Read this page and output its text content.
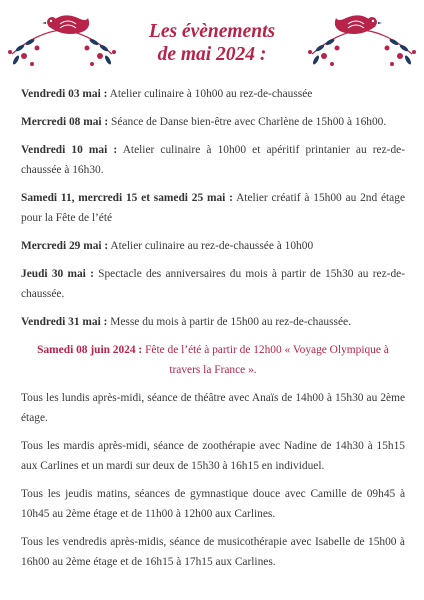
Les évènements
de mai 2024 :

Vendredi 03 mai : Atelier culinaire à 10h00 au rez-de-chaussée

Mercredi 08 mai : Séance de Danse bien-être avec Charlène de 15h00 à 16h00.

Vendredi 10 mai : Atelier culinaire à 10h00 et apéritif printanier au rez-de-chaussée à 16h30.

Samedi 11, mercredi 15 et samedi 25 mai : Atelier créatif à 15h00 au 2nd étage pour la Fête de l’été

Mercredi 29 mai : Atelier culinaire au rez-de-chaussée à 10h00

Jeudi 30 mai : Spectacle des anniversaires du mois à partir de 15h30 au rez-de-chaussée.

Vendredi 31 mai : Messe du mois à partir de 15h00 au rez-de-chaussée.

Samedi 08 juin 2024 : Fête de l’été à partir de 12h00 « Voyage Olympique à travers la France ».

Tous les lundis après-midi, séance de théâtre avec Anaïs de 14h00 à 15h30 au 2ème étage.

Tous les mardis après-midi, séance de zoothérapie avec Nadine de 14h30 à 15h15 aux Carlines et un mardi sur deux de 15h30 à 16h15 en individuel.

Tous les jeudis matins, séances de gymnastique douce avec Camille de 09h45 à 10h45 au 2ème étage et de 11h00 à 12h00 aux Carlines.

Tous les vendredis après-midis, séance de musicothérapie avec Isabelle de 15h00 à 16h00 au 2ème étage et de 16h15 à 17h15 aux Carlines.
